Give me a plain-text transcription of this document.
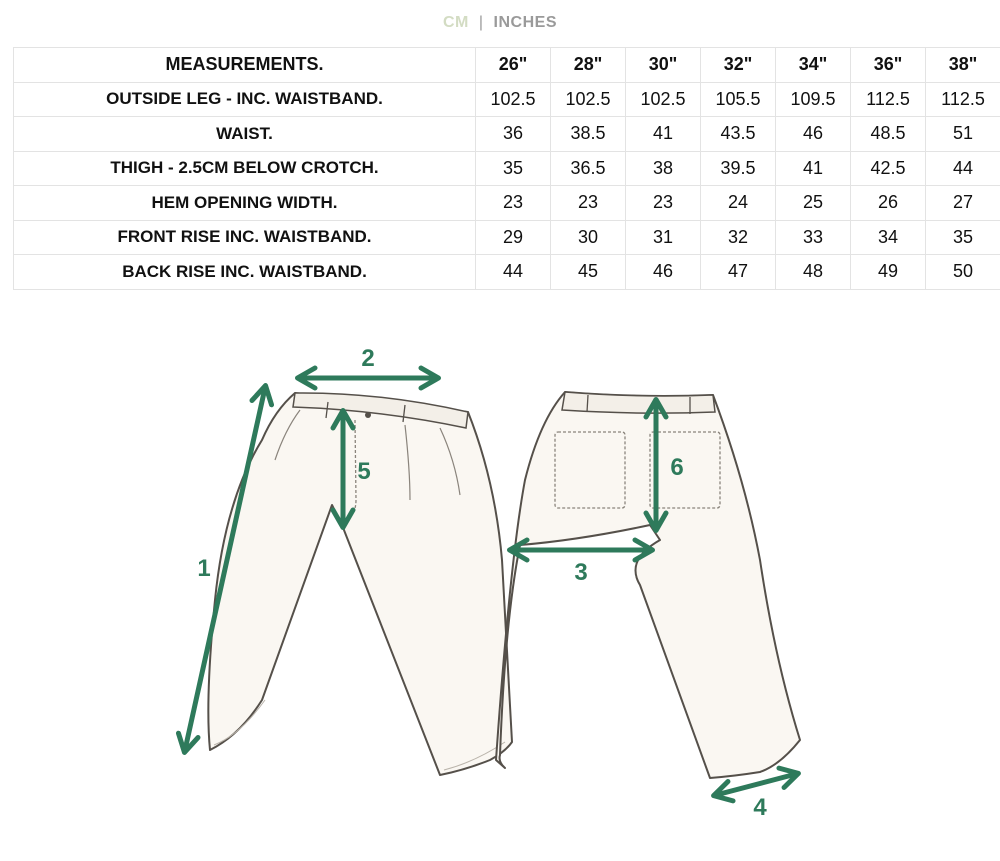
CM | INCHES
MEASUREMENTS.	26"	28"	30"	32"	34"	36"	38"
OUTSIDE LEG - INC. WAISTBAND.	102.5	102.5	102.5	105.5	109.5	112.5	112.5
WAIST.	36	38.5	41	43.5	46	48.5	51
THIGH - 2.5CM BELOW CROTCH.	35	36.5	38	39.5	41	42.5	44
HEM OPENING WIDTH.	23	23	23	24	25	26	27
FRONT RISE INC. WAISTBAND.	29	30	31	32	33	34	35
BACK RISE INC. WAISTBAND.	44	45	46	47	48	49	50
1
2
3
4
5	6
